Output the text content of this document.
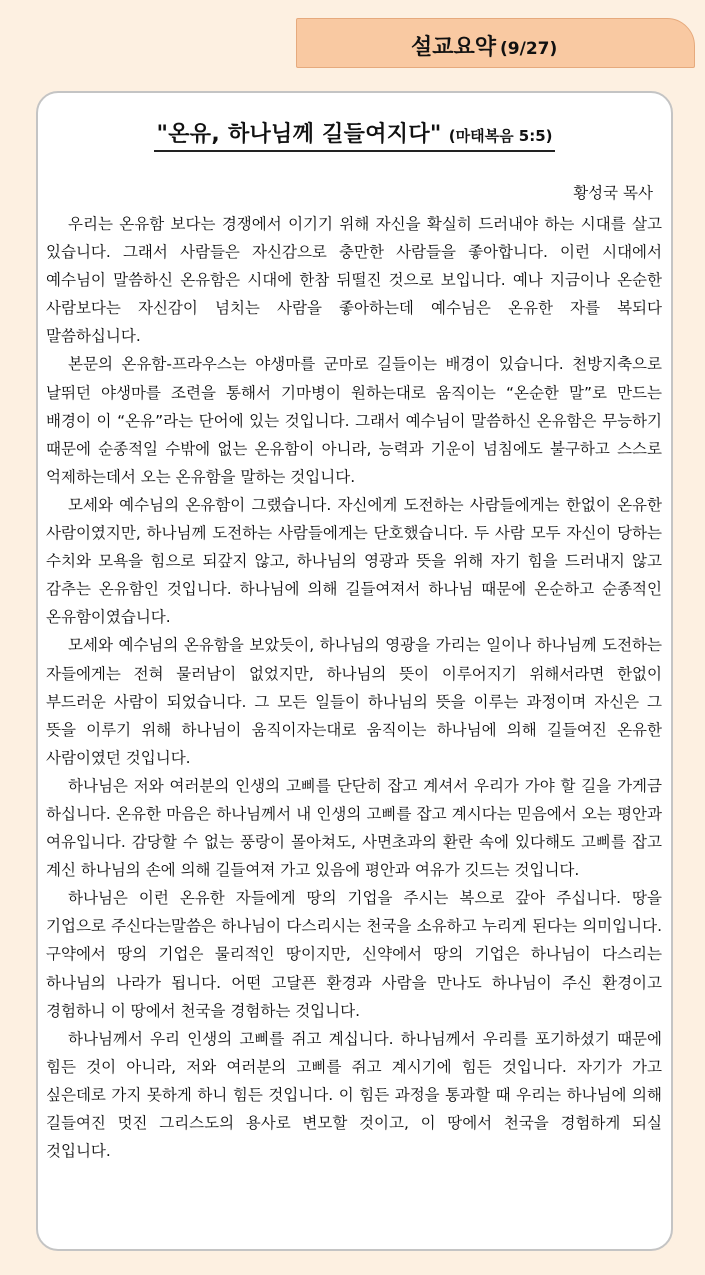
설교요약 (9/27)
"온유, 하나님께 길들여지다" (마태복음 5:5)
황성국 목사

우리는 온유함 보다는 경쟁에서 이기기 위해 자신을 확실히 드러내야 하는 시대를 살고 있습니다. 그래서 사람들은 자신감으로 충만한 사람들을 좋아합니다. 이런 시대에서 예수님이 말씀하신 온유함은 시대에 한참 뒤떨진 것으로 보입니다. 예나 지금이나 온순한 사람보다는 자신감이 넘치는 사람을 좋아하는데 예수님은 온유한 자를 복되다 말씀하십니다.

본문의 온유함-프라우스는 야생마를 군마로 길들이는 배경이 있습니다. 천방지축으로 날뛰던 야생마를 조련을 통해서 기마병이 원하는대로 움직이는 “온순한 말”로 만드는 배경이 이 “온유”라는 단어에 있는 것입니다. 그래서 예수님이 말씀하신 온유함은 무능하기 때문에 순종적일 수밖에 없는 온유함이 아니라, 능력과 기운이 넘침에도 불구하고 스스로 억제하는데서 오는 온유함을 말하는 것입니다.

모세와 예수님의 온유함이 그랬습니다. 자신에게 도전하는 사람들에게는 한없이 온유한 사람이였지만, 하나님께 도전하는 사람들에게는 단호했습니다. 두 사람 모두 자신이 당하는 수치와 모욕을 힘으로 되갚지 않고, 하나님의 영광과 뜻을 위해 자기 힘을 드러내지 않고 감추는 온유함인 것입니다. 하나님에 의해 길들여져서 하나님 때문에 온순하고 순종적인 온유함이였습니다.

모세와 예수님의 온유함을 보았듯이, 하나님의 영광을 가리는 일이나 하나님께 도전하는 자들에게는 전혀 물러남이 없었지만, 하나님의 뜻이 이루어지기 위해서라면 한없이 부드러운 사람이 되었습니다. 그 모든 일들이 하나님의 뜻을 이루는 과정이며 자신은 그 뜻을 이루기 위해 하나님이 움직이자는대로 움직이는 하나님에 의해 길들여진 온유한 사람이였던 것입니다.

하나님은 저와 여러분의 인생의 고삐를 단단히 잡고 계셔서 우리가 가야 할 길을 가게금 하십니다. 온유한 마음은 하나님께서 내 인생의 고삐를 잡고 계시다는 믿음에서 오는 평안과 여유입니다. 감당할 수 없는 풍랑이 몰아쳐도, 사면초과의 환란 속에 있다해도 고삐를 잡고 계신 하나님의 손에 의해 길들여져 가고 있음에 평안과 여유가 깃드는 것입니다.

하나님은 이런 온유한 자들에게 땅의 기업을 주시는 복으로 갚아 주십니다. 땅을 기업으로 주신다는말씀은 하나님이 다스리시는 천국을 소유하고 누리게 된다는 의미입니다. 구약에서 땅의 기업은 물리적인 땅이지만, 신약에서 땅의 기업은 하나님이 다스리는 하나님의 나라가 됩니다. 어떤 고달픈 환경과 사람을 만나도 하나님이 주신 환경이고 경험하니 이 땅에서 천국을 경험하는 것입니다.

하나님께서 우리 인생의 고삐를 쥐고 계십니다. 하나님께서 우리를 포기하셨기 때문에 힘든 것이 아니라, 저와 여러분의 고삐를 쥐고 계시기에 힘든 것입니다. 자기가 가고 싶은데로 가지 못하게 하니 힘든 것입니다. 이 힘든 과정을 통과할 때 우리는 하나님에 의해 길들여진 멋진 그리스도의 용사로 변모할 것이고, 이 땅에서 천국을 경험하게 되실 것입니다.
